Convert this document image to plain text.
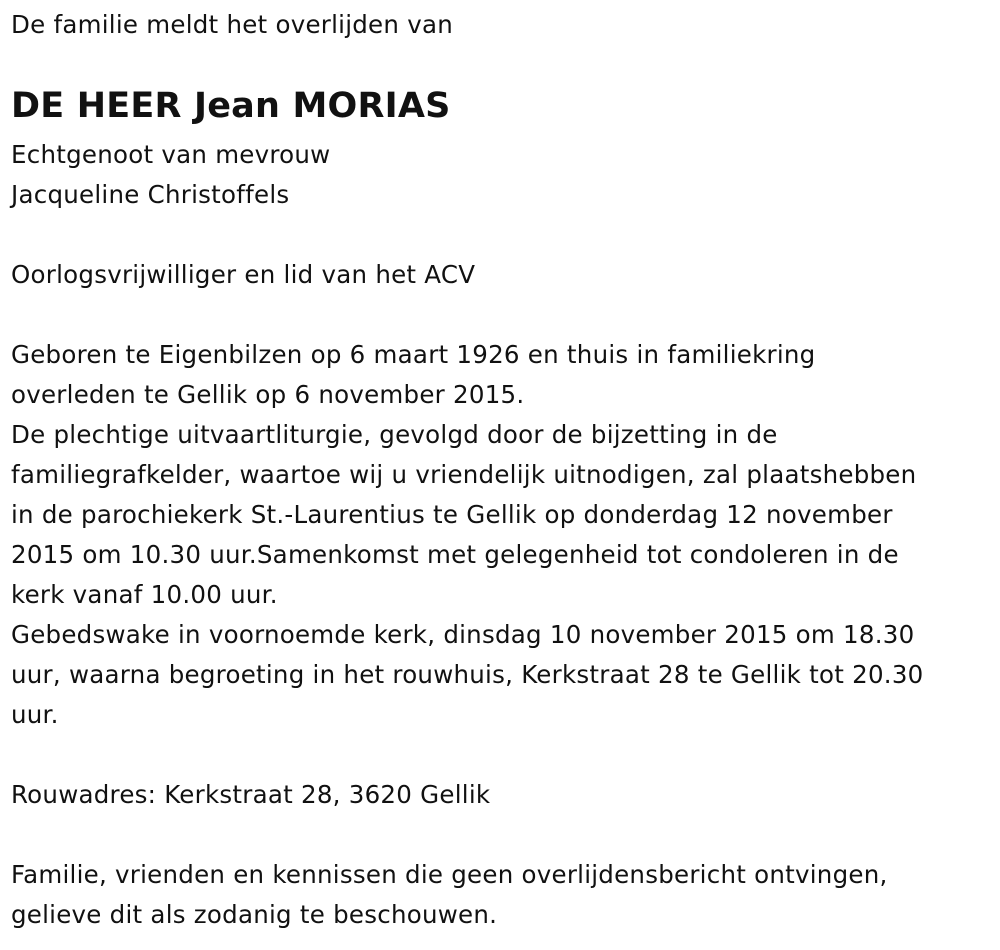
De familie meldt het overlijden van
DE HEER Jean MORIAS
Echtgenoot van mevrouw
Jacqueline Christoffels
Oorlogsvrijwilliger en lid van het ACV
Geboren te Eigenbilzen op 6 maart 1926 en thuis in familiekring
overleden te Gellik op 6 november 2015.
De plechtige uitvaartliturgie, gevolgd door de bijzetting in de
familiegrafkelder, waartoe wij u vriendelijk uitnodigen, zal plaatshebben
in de parochiekerk St.-Laurentius te Gellik op donderdag 12 november
2015 om 10.30 uur.Samenkomst met gelegenheid tot condoleren in de
kerk vanaf 10.00 uur.
Gebedswake in voornoemde kerk, dinsdag 10 november 2015 om 18.30
uur, waarna begroeting in het rouwhuis, Kerkstraat 28 te Gellik tot 20.30
uur.
Rouwadres: Kerkstraat 28, 3620 Gellik
Familie, vrienden en kennissen die geen overlijdensbericht ontvingen,
gelieve dit als zodanig te beschouwen.
